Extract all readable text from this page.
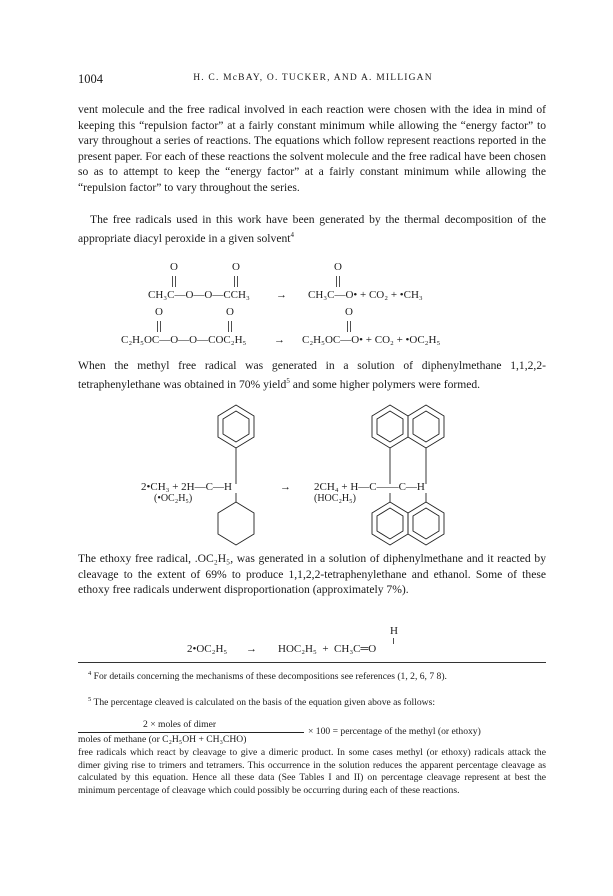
1004	H. C. McBAY, O. TUCKER, AND A. MILLIGAN

vent molecule and the free radical involved in each reaction were chosen with the idea in mind of keeping this “repulsion factor” at a fairly constant minimum while allowing the “energy factor” to vary throughout a series of reactions. The equations which follow represent reactions reported in the present paper. For each of these reactions the solvent molecule and the free radical have been chosen so as to attempt to keep the “energy factor” at a fairly constant minimum while allowing the “repulsion factor” to vary throughout the series.

The free radicals used in this work have been generated by the thermal decomposition of the appropriate diacyl peroxide in a given solvent$^4$

O	O	O
CH₃C—O—O—CCH₃ → CH₃C—O• + CO₂ + •CH₃
O	O	O
C₂H₅OC—O—O—COC₂H₅	→ C₂H₅OC—O• + CO₂ + •OC₂H₅

When the methyl free radical was generated in a solution of diphenylmethane 1,1,2,2-tetraphenylethane was obtained in 70% yield$^5$ and some higher polymers were formed.

2•CH₃ + 2H—C—H
(•OC₂H₅)
→ 2CH₄ + H—C——C—H
(HOC₂H₅)

The ethoxy free radical, .OC₂H₅, was generated in a solution of diphenylmethane and it reacted by cleavage to the extent of 69% to produce 1,1,2,2-tetraphenylethane and ethanol. Some of these ethoxy free radicals underwent disproportionation (approximately 7%).

H
2•OC₂H₅ → HOC₂H₅  +  CH₃C═O

$^4$ For details concerning the mechanisms of these decompositions see references (1, 2, 6, 7 8).

$^5$ The percentage cleaved is calculated on the basis of the equation given above as follows:

2 × moles of dimer
moles of methane (or C₂H₅OH + CH₃CHO)
× 100 = percentage of the methyl (or ethoxy)

free radicals which react by cleavage to give a dimeric product. In some cases methyl (or ethoxy) radicals attack the dimer giving rise to trimers and tetramers. This occurrence in the solution reduces the apparent percentage cleavage as calculated by this equation. Hence all these data (See Tables I and II) on percentage cleavage represent at best the minimum percentage of cleavage which could possibly be occurring during each of these reactions.
